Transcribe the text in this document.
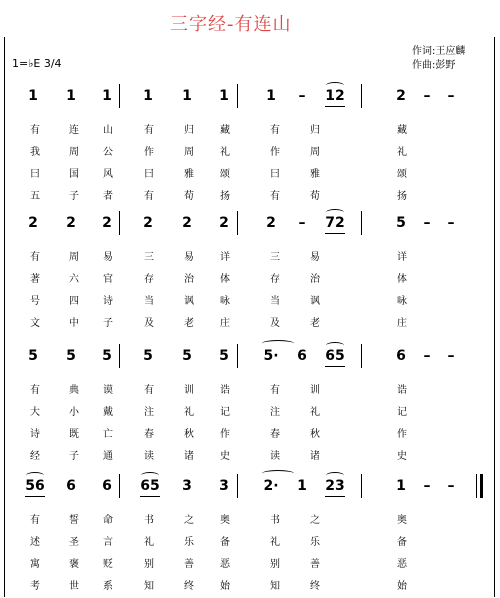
三字经-有连山
1=♭E 3/4
作词:王应麟
作曲:彭野
1	1	1	1	1	1	1	–	12	2	–	–
有	连	山	有	归	藏	有	归	藏
我	周	公	作	周	礼	作	周	礼
曰	国	风	曰	雅	颂	曰	雅	颂
五	子	者	有	荀	扬	有	荀	扬
2	2	2	2	2	2	2	–	72	5	–	–
有	周	易	三	易	详	三	易	详
著	六	官	存	治	体	存	治	体
号	四	诗	当	讽	咏	当	讽	咏
文	中	子	及	老	庄	及	老	庄
5	5	5	5	5	5	5·	6	65	6	–	–
有	典	谟	有	训	诰	有	训	诰
大	小	戴	注	礼	记	注	礼	记
诗	既	亡	春	秋	作	春	秋	作
经	子	通	读	诸	史	读	诸	史
56	6	6	65	3	3	2·	1	23	1	–	–
有	誓	命	书	之	奥	书	之	奥
述	圣	言	礼	乐	备	礼	乐	备
寓	褒	贬	别	善	恶	别	善	恶
考	世	系	知	终	始	知	终	始
